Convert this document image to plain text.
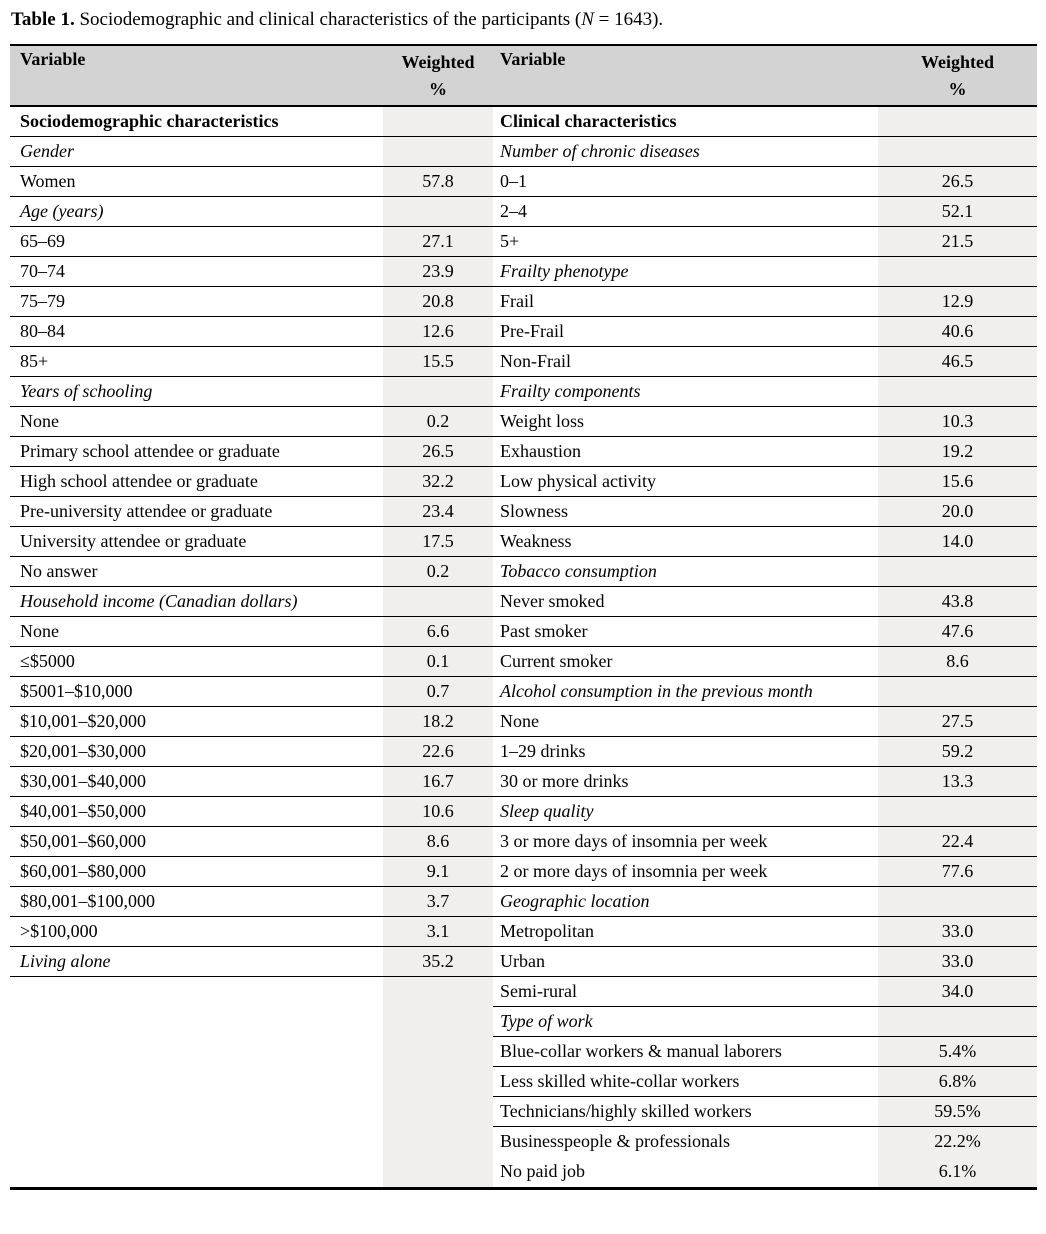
Table 1. Sociodemographic and clinical characteristics of the participants (N = 1643).

Variable	Weighted
%
Variable	Weighted
%
Sociodemographic characteristics
Gender
Women	57.8
Age (years)
65–69	27.1
70–74	23.9
75–79	20.8
80–84	12.6
85+	15.5
Years of schooling
None	0.2
Primary school attendee or graduate	26.5
High school attendee or graduate	32.2
Pre-university attendee or graduate	23.4
University attendee or graduate	17.5
No answer	0.2
Household income (Canadian dollars)
None	6.6
≤$5000	0.1
$5001–$10,000	0.7
$10,001–$20,000	18.2
$20,001–$30,000	22.6
$30,001–$40,000	16.7
$40,001–$50,000	10.6
$50,001–$60,000	8.6
$60,001–$80,000	9.1
$80,001–$100,000	3.7
>$100,000	3.1
Living alone	35.2
Clinical characteristics
Number of chronic diseases
0–1	26.5
2–4	52.1
5+	21.5
Frailty phenotype
Frail	12.9
Pre-Frail	40.6
Non-Frail	46.5
Frailty components
Weight loss	10.3
Exhaustion	19.2
Low physical activity	15.6
Slowness	20.0
Weakness	14.0
Tobacco consumption
Never smoked	43.8
Past smoker	47.6
Current smoker	8.6
Alcohol consumption in the previous month
None	27.5
1–29 drinks	59.2
30 or more drinks	13.3
Sleep quality
3 or more days of insomnia per week	22.4
2 or more days of insomnia per week	77.6
Geographic location
Metropolitan	33.0
Urban	33.0
Semi-rural	34.0
Type of work
Blue-collar workers & manual laborers	5.4%
Less skilled white-collar workers	6.8%
Technicians/highly skilled workers	59.5%
Businesspeople & professionals	22.2%
No paid job	6.1%
